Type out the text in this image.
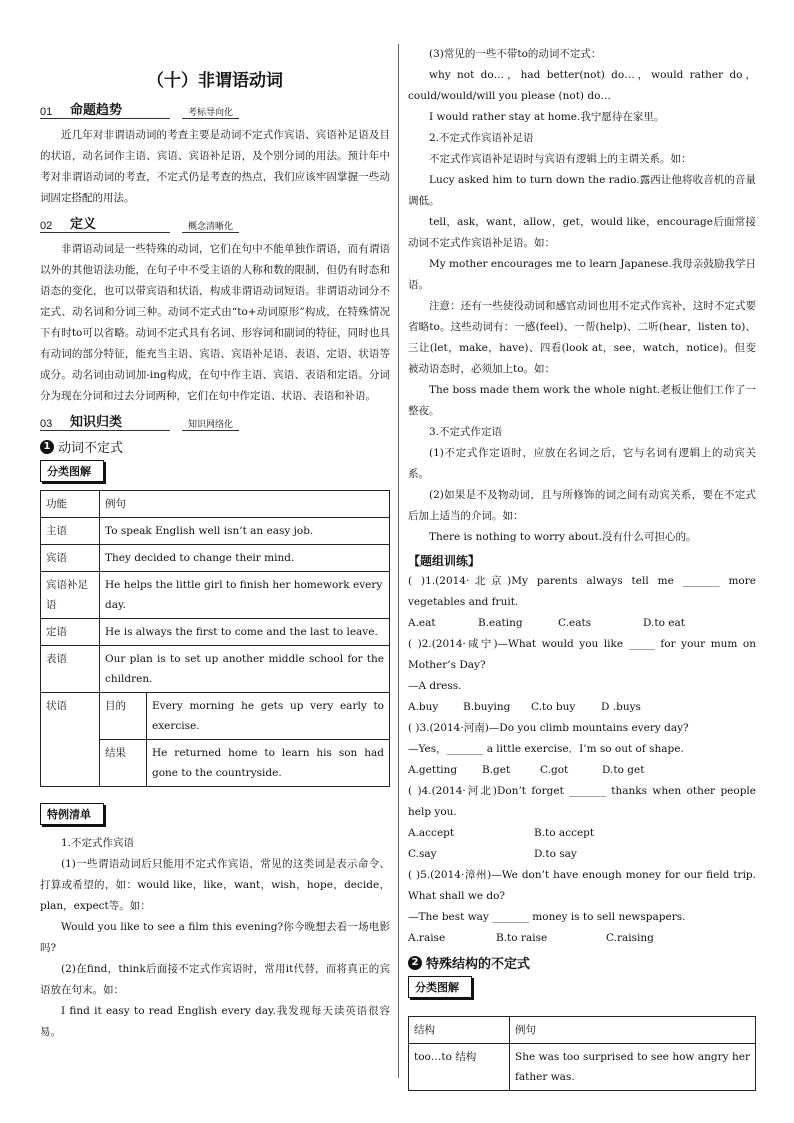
（十）非谓语动词
01	命题趋势	考标导向化

近几年对非谓语动词的考查主要是动词不定式作宾语、宾语补足语及目的状语，动名词作主语、宾语、宾语补足语，及个别分词的用法。预计年中考对非谓语动词的考查，不定式仍是考查的热点，我们应该牢固掌握一些动词固定搭配的用法。

02	定义	概念清晰化

非谓语动词是一些特殊的动词，它们在句中不能单独作谓语，而有谓语以外的其他语法功能，在句子中不受主语的人称和数的限制，但仍有时态和语态的变化，也可以带宾语和状语，构成非谓语动词短语。非谓语动词分不定式、动名词和分词三种。动词不定式由“to+动词原形”构成，在特殊情况下有时to可以省略。动词不定式具有名词、形容词和副词的特征，同时也具有动词的部分特征，能充当主语、宾语、宾语补足语、表语、定语、状语等成分。动名词由动词加-ing构成，在句中作主语、宾语、表语和定语。分词分为现在分词和过去分词两种，它们在句中作定语、状语、表语和补语。

03	知识归类	知识网络化
1 动词不定式
分类图解
功能	例句	
主语	To speak English well isn’t an easy job.	
宾语	They decided to change their mind.	
宾语补足语	He helps the little girl to finish her homework every day.	
定语	He is always the first to come and the last to leave.	
表语	Our plan is to set up another middle school for the children.	
状语	目的	Every morning he gets up very early to exercise.
	结果	He returned home to learn his son had gone to the countryside.
特例清单

1.不定式作宾语

(1)一些谓语动词后只能用不定式作宾语，常见的这类词是表示命令、打算或希望的，如：would like，like，want，wish，hope，decide，plan，expect等。如：

Would you like to see a film this evening?你今晚想去看一场电影吗?

(2)在find，think后面接不定式作宾语时，常用it代替，而将真正的宾语放在句末。如：

I find it easy to read English every day.我发现每天读英语很容易。

(3)常见的一些不带to的动词不定式：

why not do…，had better(not) do…，would rather do，could/would/will you please (not) do…

I would rather stay at home.我宁愿待在家里。

2.不定式作宾语补足语

不定式作宾语补足语时与宾语有逻辑上的主谓关系。如：

Lucy asked him to turn down the radio.露西让他将收音机的音量调低。

tell，ask，want，allow，get，would like，encourage后面常接动词不定式作宾语补足语。如：

My mother encourages me to learn Japanese.我母亲鼓励我学日语。

注意：还有一些使役动词和感官动词也用不定式作宾补，这时不定式要省略to。这些动词有：一感(feel)、一帮(help)、二听(hear，listen to)、三让(let，make，have)、四看(look at，see，watch，notice)。但变被动语态时，必须加上to。如：

The boss made them work the whole night.老板让他们工作了一整夜。

3.不定式作定语

(1)不定式作定语时，应放在名词之后，它与名词有逻辑上的动宾关系。

(2)如果是不及物动词，且与所修饰的词之间有动宾关系，要在不定式后加上适当的介词。如：

There is nothing to worry about.没有什么可担心的。

【题组训练】

( )1.(2014·北京)My parents always tell me _______ more vegetables and fruit.

A.eat	B.eating	C.eats	D.to eat

( )2.(2014·咸宁)—What would you like _____ for your mum on Mother’s Day?

—A dress.

A.buy	B.buying	C.to buy	D .buys

( )3.(2014·河南)—Do you climb mountains every day?

—Yes，_______ a little exercise．I’m so out of shape.

A.getting	B.get	C.got	D.to get

( )4.(2014·河北)Don’t forget _______ thanks when other people help you.

A.accept	B.to accept
C.say	D.to say

( )5.(2014·漳州)—We don’t have enough money for our field trip. What shall we do?

—The best way _______ money is to sell newspapers.

A.raise	B.to raise	C.raising
2 特殊结构的不定式
分类图解
结构	例句
too…to 结构	She was too surprised to see how angry her father was.
